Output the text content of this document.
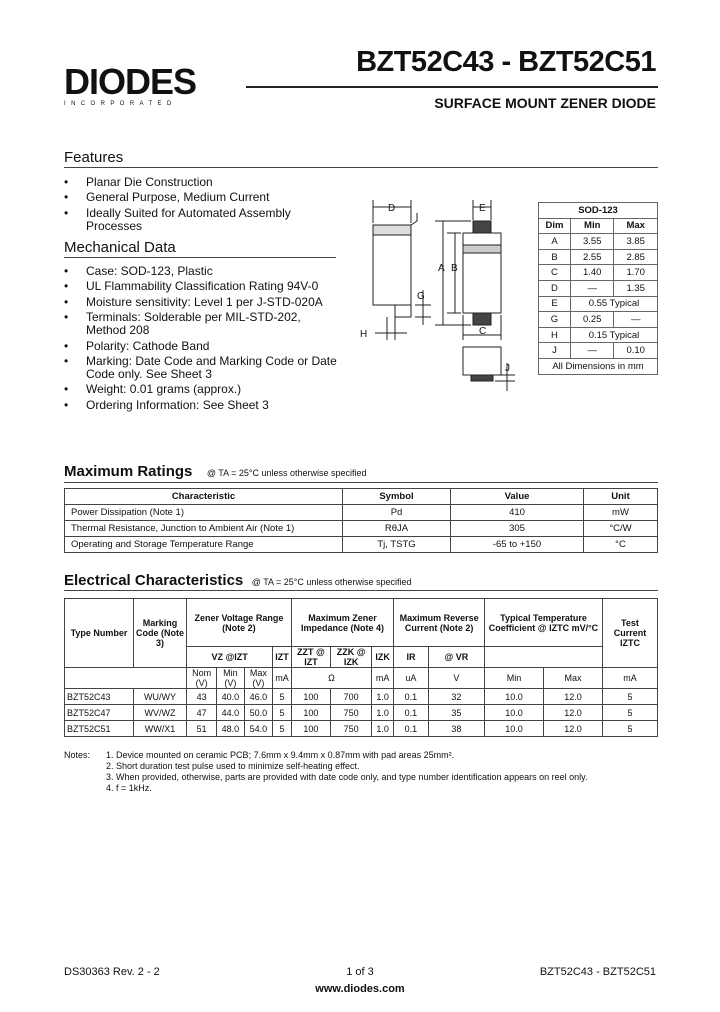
DIODES
INCORPORATED
BZT52C43 - BZT52C51
SURFACE MOUNT ZENER DIODE
Features
• Planar Die Construction
• General Purpose, Medium Current
• Ideally Suited for Automated Assembly Processes
Mechanical Data
• Case: SOD-123, Plastic
• UL Flammability Classification Rating 94V-0
• Moisture sensitivity: Level 1 per J-STD-020A
• Terminals: Solderable per MIL-STD-202, Method 208
• Polarity: Cathode Band
• Marking: Date Code and Marking Code or Date Code only. See Sheet 3
• Weight: 0.01 grams (approx.)
• Ordering Information: See Sheet 3
D	E
A B
G
H	C
J
SOD-123		
Dim	Min	Max
A	3.55	3.85
B	2.55	2.85
C	1.40	1.70
D	—	1.35
E	0.55 Typical	
G	0.25	—
H	0.15 Typical	
J	—	0.10
All Dimensions in mm		
Maximum Ratings @ TA = 25°C unless otherwise specified
Characteristic	Symbol	Value	Unit
Power Dissipation (Note 1)	Pd	410	mW
Thermal Resistance, Junction to Ambient Air (Note 1)	RθJA	305	°C/W
Operating and Storage Temperature Range	Tj, TSTG	-65 to +150	°C
Electrical Characteristics @ TA = 25°C unless otherwise specified
Type Number	Marking Code (Note 3)	Zener Voltage Range (Note 2)				Maximum Zener Impedance (Note 4)			Maximum Reverse Current (Note 2)		Typical Temperature Coefficient @ IZTC mV/°C		Test Current IZTC
		VZ @IZT			IZT	ZZT @ IZT	ZZK @ IZK	IZK	IR	@ VR			
		Nom (V)	Min (V)	Max (V)	mA	Ω		mA	uA	V	Min	Max	mA
BZT52C43	WU/WY	43	40.0	46.0	5	100	700	1.0	0.1	32	10.0	12.0	5
BZT52C47	WV/WZ	47	44.0	50.0	5	100	750	1.0	0.1	35	10.0	12.0	5
BZT52C51	WW/X1	51	48.0	54.0	5	100	750	1.0	0.1	38	10.0	12.0	5
Notes: 1. Device mounted on ceramic PCB; 7.6mm x 9.4mm x 0.87mm with pad areas 25mm².
2. Short duration test pulse used to minimize self-heating effect.
3. When provided, otherwise, parts are provided with date code only, and type number identification appears on reel only.
4. f = 1kHz.
DS30363 Rev. 2 - 2	1 of 3	BZT52C43 - BZT52C51
www.diodes.com
